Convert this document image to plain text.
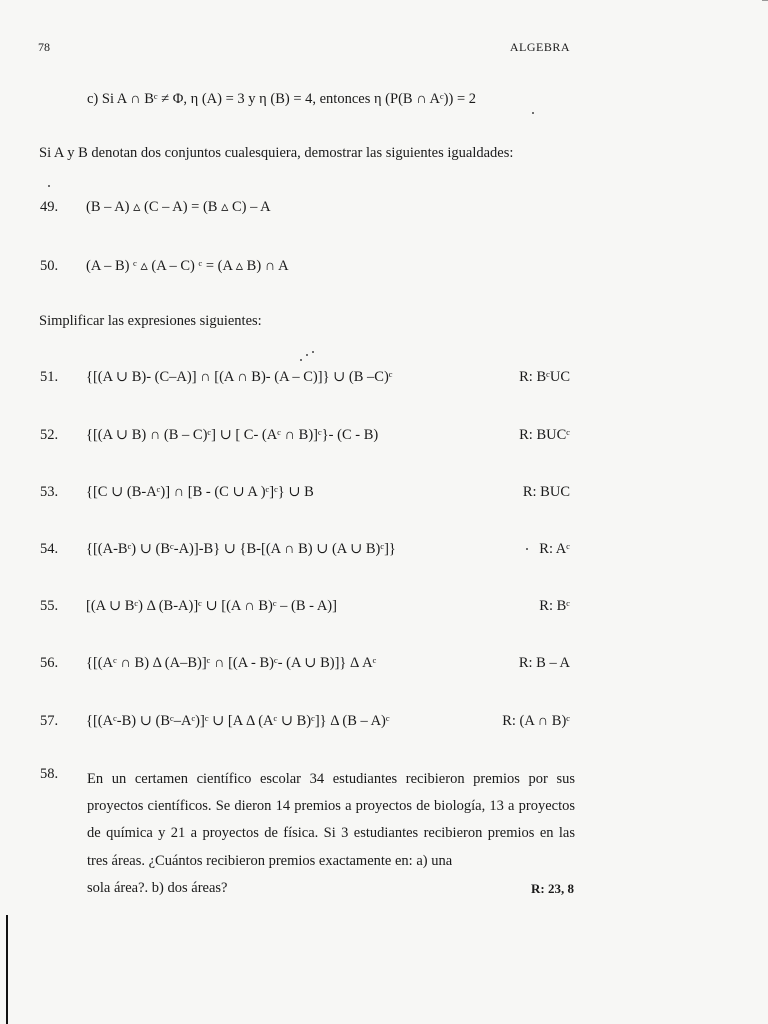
78	ALGEBRA
c) Si A ∩ Bᶜ ≠ Φ, η (A) = 3 y η (B) = 4, entonces η (P(B ∩ Aᶜ)) = 2
Si A y B denotan dos conjuntos cualesquiera, demostrar las siguientes igualdades:
49. (B – A) ▵ (C – A) = (B ▵ C) – A
50. (A – B) ᶜ ▵ (A – C) ᶜ = (A ▵ B) ∩ A
Simplificar las expresiones siguientes:
51. {[(A ∪ B)- (C–A)] ∩ [(A ∩ B)- (A – C)]} ∪ (B –C)ᶜ	R: BᶜUC
52. {[(A ∪ B) ∩ (B – C)ᶜ] ∪ [ C- (Aᶜ ∩ B)]ᶜ}- (C - B)	R: BUCᶜ
53. {[C ∪ (B-Aᶜ)] ∩ [B - (C ∪ A )ᶜ]ᶜ} ∪ B	R: BUC
54. {[(A-Bᶜ) ∪ (Bᶜ-A)]-B} ∪ {B-[(A ∩ B) ∪ (A ∪ B)ᶜ]}	R: Aᶜ
55. [(A ∪ Bᶜ) Δ (B-A)]ᶜ ∪ [(A ∩ B)ᶜ – (B - A)]	R: Bᶜ
56. {[(Aᶜ ∩ B) Δ (A–B)]ᶜ ∩ [(A - B)ᶜ- (A ∪ B)]} Δ Aᶜ	R: B – A
57. {[(Aᶜ-B) ∪ (Bᶜ–Aᶜ)]ᶜ ∪ [A Δ (Aᶜ ∪ B)ᶜ]} Δ (B – A)ᶜ	R: (A ∩ B)ᶜ
58. En un certamen científico escolar 34 estudiantes recibieron premios por sus proyectos científicos. Se dieron 14 premios a proyectos de biología, 13 a proyectos de química y 21 a proyectos de física. Si 3 estudiantes recibieron premios en las tres áreas. ¿Cuántos recibieron premios exactamente en: a) una
sola área?. b) dos áreas?	R: 23, 8
